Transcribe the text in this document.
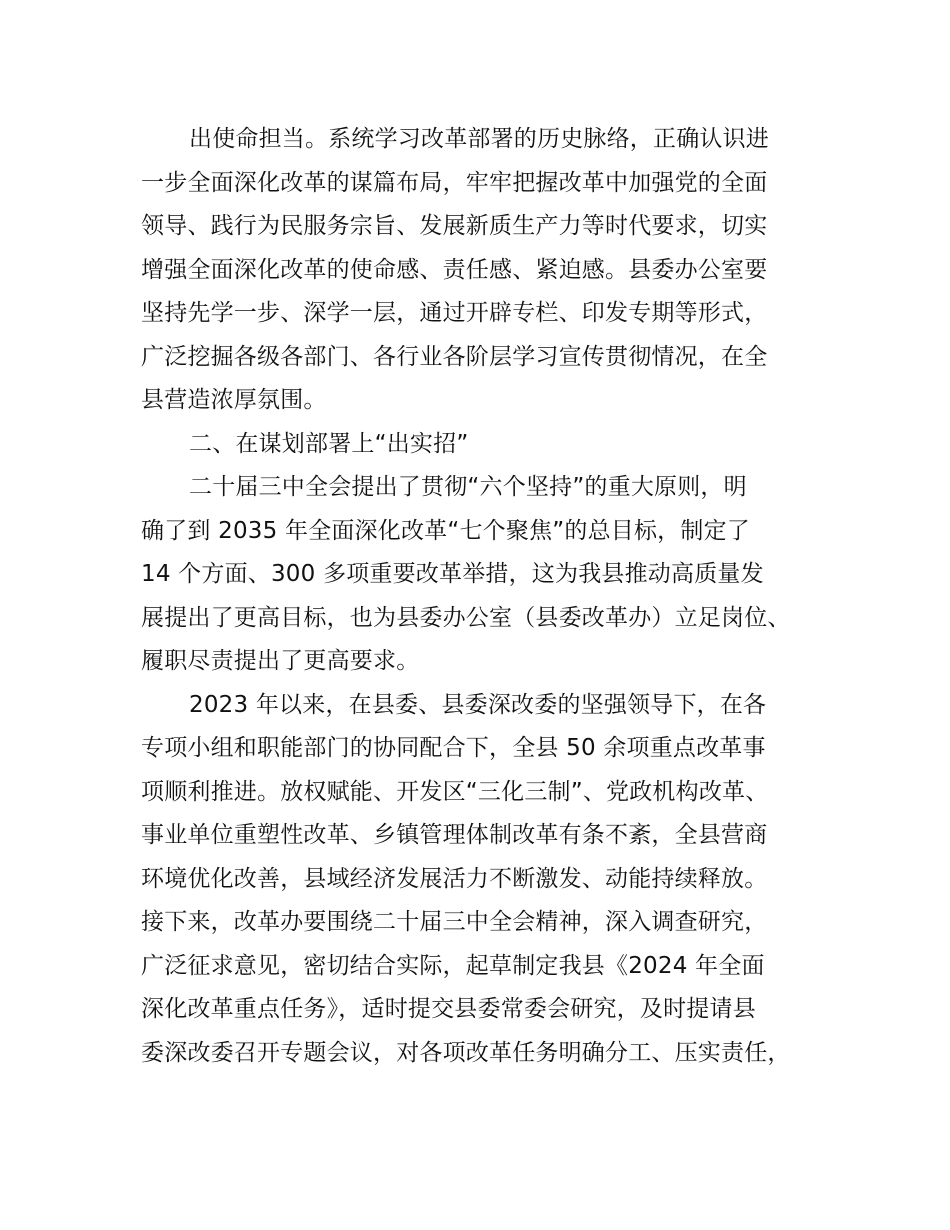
出使命担当。系统学习改革部署的历史脉络，正确认识进
一步全面深化改革的谋篇布局，牢牢把握改革中加强党的全面
领导、践行为民服务宗旨、发展新质生产力等时代要求，切实
增强全面深化改革的使命感、责任感、紧迫感。县委办公室要
坚持先学一步、深学一层，通过开辟专栏、印发专期等形式，
广泛挖掘各级各部门、各行业各阶层学习宣传贯彻情况，在全
县营造浓厚氛围。
二、在谋划部署上“出实招”
二十届三中全会提出了贯彻“六个坚持”的重大原则，明
确了到 2035 年全面深化改革“七个聚焦”的总目标，制定了
14 个方面、300 多项重要改革举措，这为我县推动高质量发
展提出了更高目标，也为县委办公室（县委改革办）立足岗位、
履职尽责提出了更高要求。
2023 年以来，在县委、县委深改委的坚强领导下，在各
专项小组和职能部门的协同配合下，全县 50 余项重点改革事
项顺利推进。放权赋能、开发区“三化三制”、党政机构改革、
事业单位重塑性改革、乡镇管理体制改革有条不紊，全县营商
环境优化改善，县域经济发展活力不断激发、动能持续释放。
接下来，改革办要围绕二十届三中全会精神，深入调查研究，
广泛征求意见，密切结合实际，起草制定我县《2024 年全面
深化改革重点任务》，适时提交县委常委会研究，及时提请县
委深改委召开专题会议，对各项改革任务明确分工、压实责任，
